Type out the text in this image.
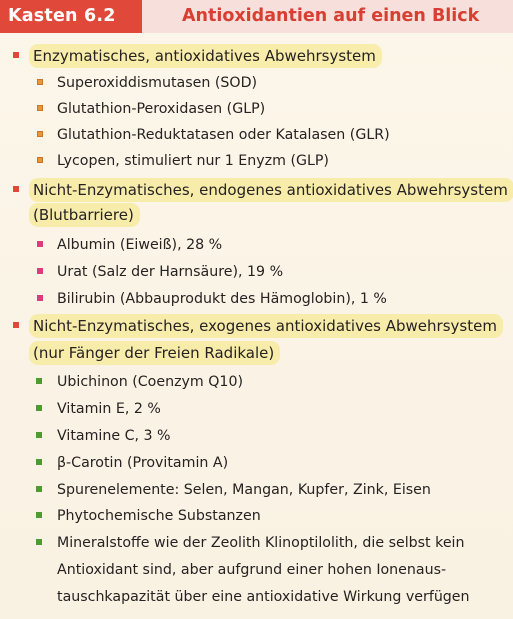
Kasten 6.2	Antioxidantien auf einen Blick
Enzymatisches, antioxidatives Abwehrsystem
Superoxiddismutasen (SOD)
Glutathion-Peroxidasen (GLP)
Glutathion-Reduktatasen oder Katalasen (GLR)
Lycopen, stimuliert nur 1 Enyzm (GLP)
Nicht-Enzymatisches, endogenes antioxidatives Abwehrsystem
(Blutbarriere)
Albumin (Eiweiß), 28 %
Urat (Salz der Harnsäure), 19 %
Bilirubin (Abbauprodukt des Hämoglobin), 1 %
Nicht-Enzymatisches, exogenes antioxidatives Abwehrsystem
(nur Fänger der Freien Radikale)
Ubichinon (Coenzym Q10)
Vitamin E, 2 %
Vitamine C, 3 %
β-Carotin (Provitamin A)
Spurenelemente: Selen, Mangan, Kupfer, Zink, Eisen
Phytochemische Substanzen
Mineralstoffe wie der Zeolith Klinoptilolith, die selbst kein
Antioxidant sind, aber aufgrund einer hohen Ionenaus-
tauschkapazität über eine antioxidative Wirkung verfügen
